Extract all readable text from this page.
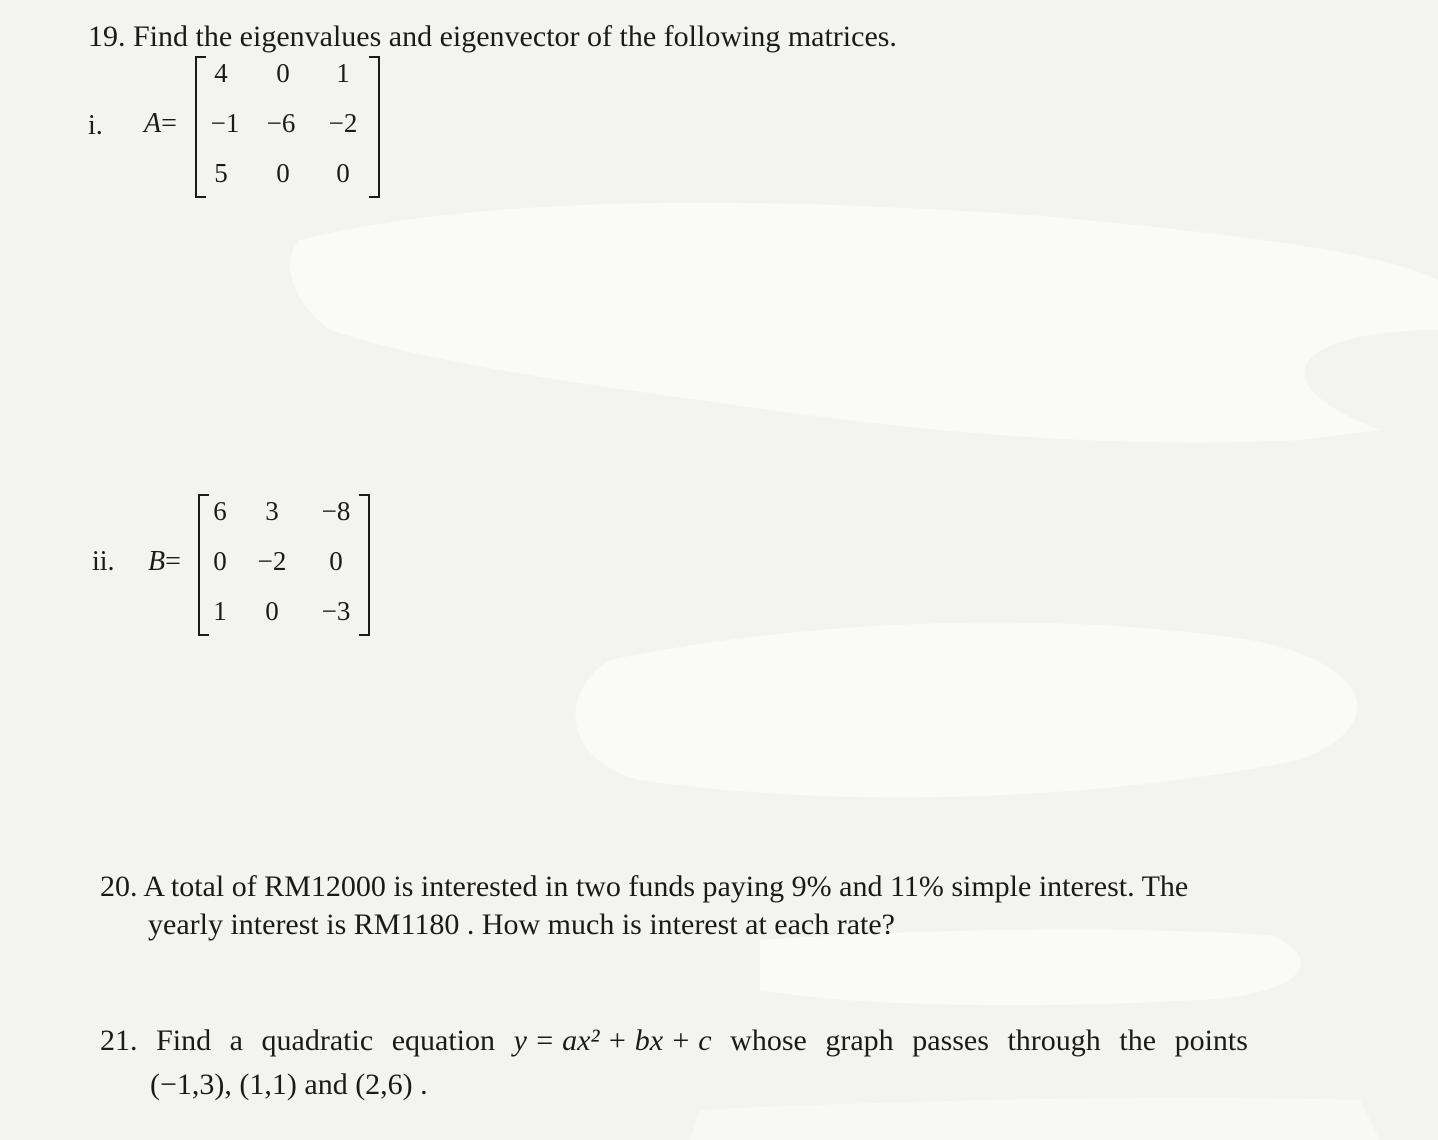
19. Find the eigenvalues and eigenvector of the following matrices.
i. A=
4	0	1
−1	−6	−2
5	0	0
ii. B=
6	3	−8
0	−2	0
1	0	−3
20. A total of RM12000 is interested in two funds paying 9% and 11% simple interest. The
yearly interest is RM1180 . How much is interest at each rate?
21. Find a quadratic equation y = ax² + bx + c whose graph passes through the points
(−1,3), (1,1) and (2,6) .
